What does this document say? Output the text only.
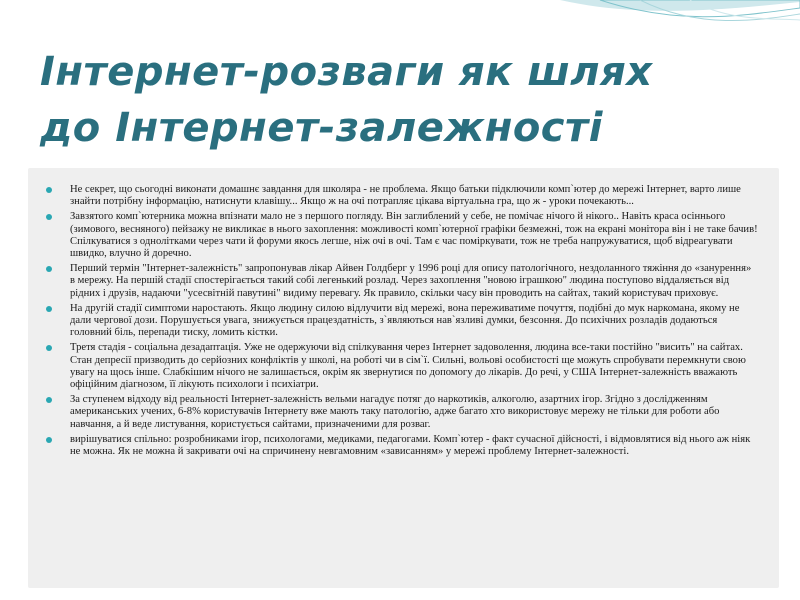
Інтернет-розваги як шлях
до Інтернет-залежності
Не секрет, що сьогодні виконати домашнє завдання для школяра - не проблема. Якщо батьки підключили комп`ютер до мережі Інтернет, варто лише знайти потрібну інформацію, натиснути клавішу... Якщо ж на очі потрапляє цікава віртуальна гра, що ж - уроки почекають...
Завзятого комп`ютерника можна впізнати мало не з першого погляду. Він заглиблений у себе, не помічає нічого й нікого.. Навіть краса осіннього (зимового, весняного) пейзажу не викликає в нього захоплення: можливості комп`ютерної графіки безмежні, тож на екрані монітора він і не таке бачив! Спілкуватися з однолітками через чати й форуми якось легше, ніж очі в очі. Там є час поміркувати, тож не треба напружуватися, щоб відреагувати швидко, влучно й доречно.
Перший термін "Інтернет-залежність" запропонував лікар Айвен Голдберг у 1996 році для опису патологічного, нездоланного тяжіння до «занурення» в мережу. На першій стадії спостерігається такий собі легенький розлад. Через захоплення "новою іграшкою" людина поступово віддаляється від рідних і друзів, надаючи "усесвітній павутині" видиму перевагу. Як правило, скільки часу він проводить на сайтах, такий користувач приховує.
На другій стадії симптоми наростають. Якщо людину силою відлучити від мережі, вона переживатиме почуття, подібні до мук наркомана, якому не дали чергової дози. Порушується увага, знижується працездатність, з`являються нав`язливі думки, безсоння. До психічних розладів додаються головний біль, перепади тиску, ломить кістки.
Третя стадія - соціальна дезадаптація. Уже не одержуючи від спілкування через Інтернет задоволення, людина все-таки постійно "висить" на сайтах. Стан депресії призводить до серйозних конфліктів у школі, на роботі чи в сім`ї. Сильні, вольові особистості ще можуть спробувати перемкнути свою увагу на щось інше. Слабкішим нічого не залишається, окрім як звернутися по допомогу до лікарів. До речі, у США Інтернет-залежність вважають офіційним діагнозом, її лікують психологи і психіатри.
За ступенем відходу від реальності Інтернет-залежність вельми нагадує потяг до наркотиків, алкоголю, азартних ігор. Згідно з дослідженням американських учених, 6-8% користувачів Інтернету вже мають таку патологію, адже багато хто використовує мережу не тільки для роботи або навчання, а й веде листування, користується сайтами, призначеними для розваг.
вирішуватися спільно: розробниками ігор, психологами, медиками, педагогами. Комп`ютер - факт сучасної дійсності, і відмовлятися від нього аж ніяк не можна. Як не можна й закривати очі на спричинену невгамовним «зависанням» у мережі проблему Інтернет-залежності.
